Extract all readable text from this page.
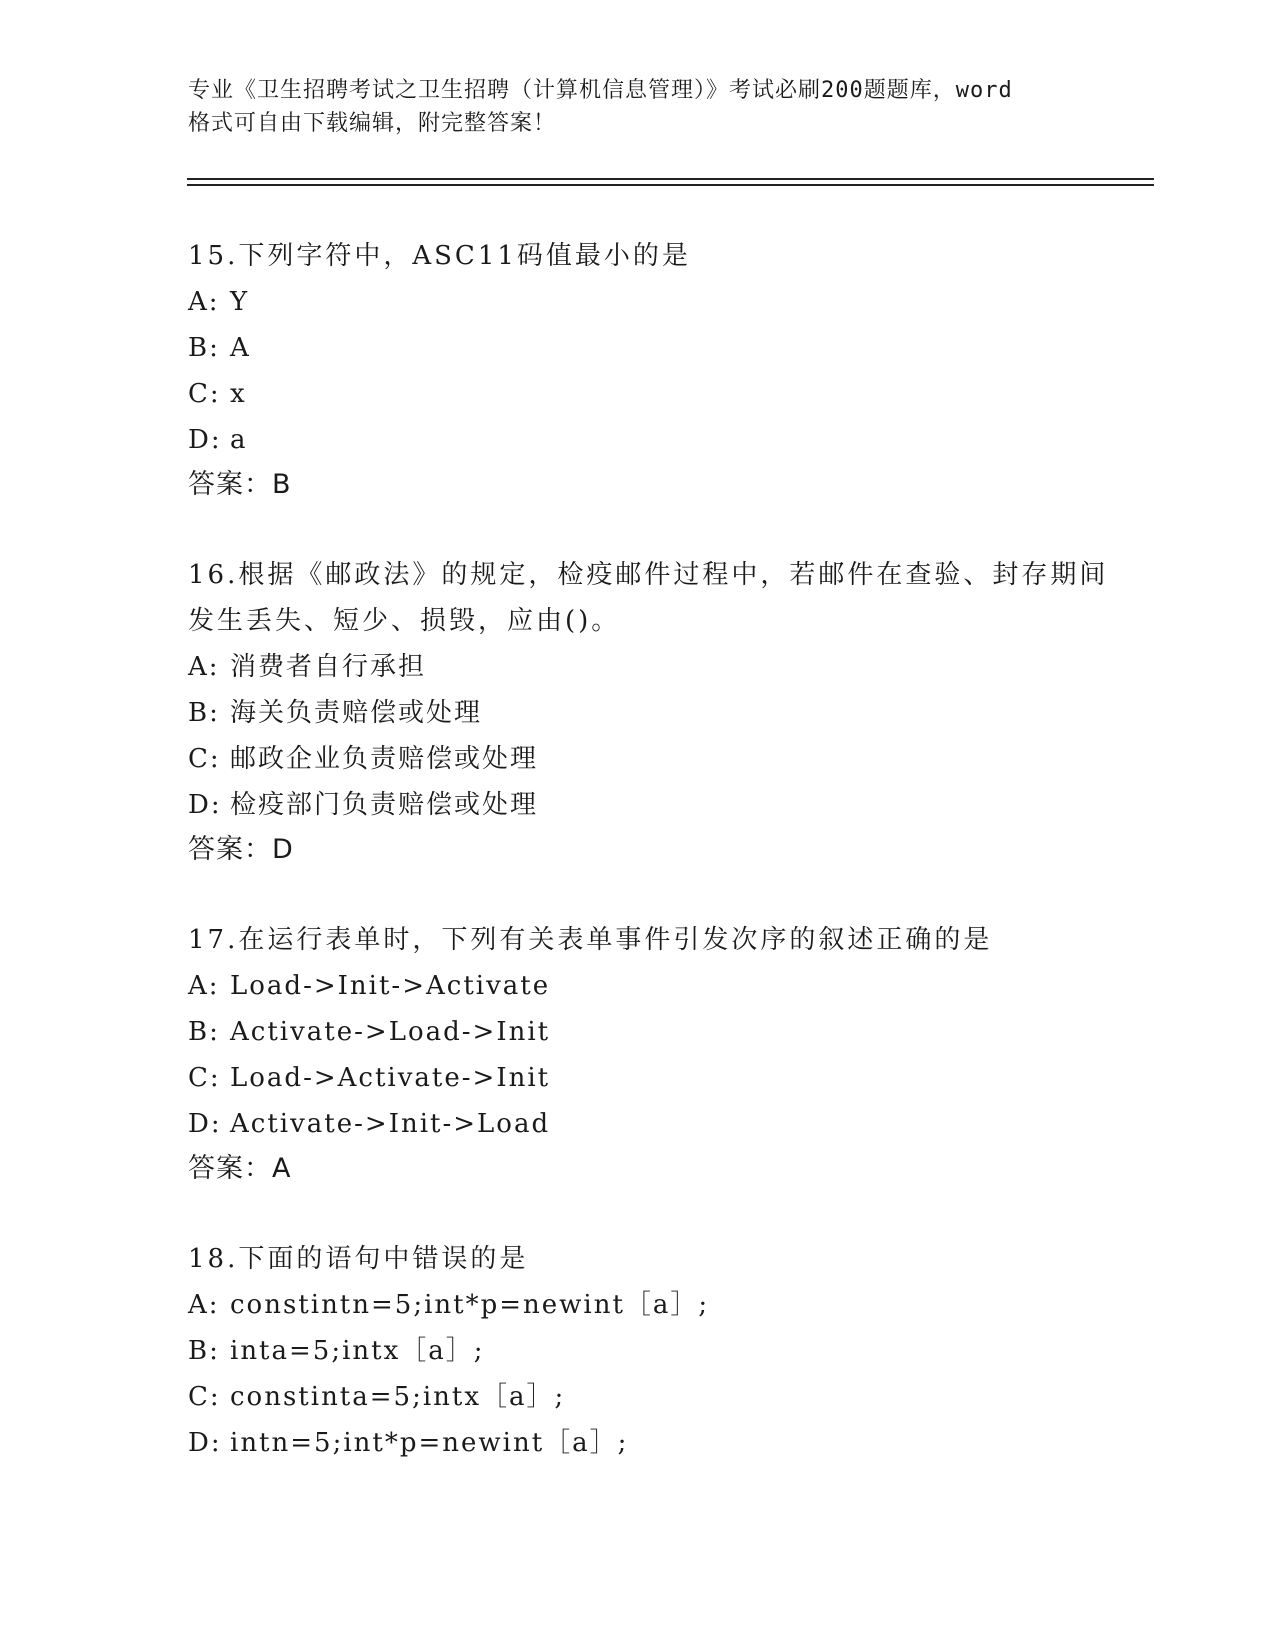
专业《卫生招聘考试之卫生招聘（计算机信息管理）》考试必刷200题题库，word
格式可自由下载编辑，附完整答案！

15.下列字符中，ASC11码值最小的是

A: Y

B: A

C: x

D: a

答案：B

16.根据《邮政法》的规定，检疫邮件过程中，若邮件在查验、封存期间发生丢失、短少、损毁，应由()。

A: 消费者自行承担

B: 海关负责赔偿或处理

C: 邮政企业负责赔偿或处理

D: 检疫部门负责赔偿或处理

答案：D

17.在运行表单时，下列有关表单事件引发次序的叙述正确的是

A: Load->Init->Activate

B: Activate->Load->Init

C: Load->Activate->Init

D: Activate->Init->Load

答案：A

18.下面的语句中错误的是

A: constintn=5;int*p=newint［a］;

B: inta=5;intx［a］;

C: constinta=5;intx［a］;

D: intn=5;int*p=newint［a］;
